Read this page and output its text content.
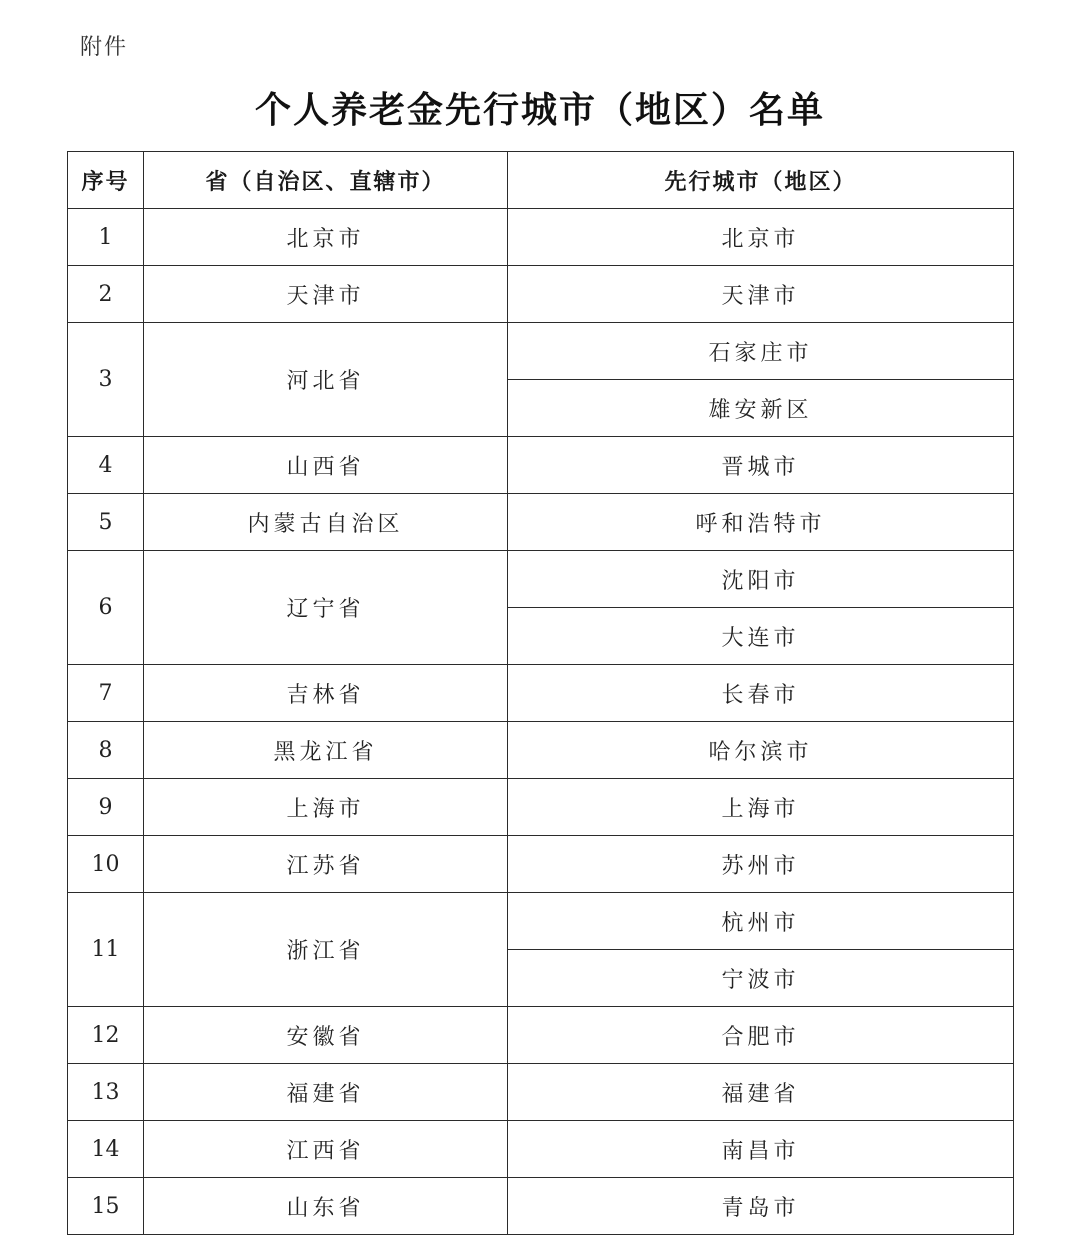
附件
个人养老金先行城市（地区）名单
序号	省（自治区、直辖市）	先行城市（地区）
1	北京市	北京市
2	天津市	天津市
3	河北省	石家庄市
		雄安新区
4	山西省	晋城市
5	内蒙古自治区	呼和浩特市
6	辽宁省	沈阳市
		大连市
7	吉林省	长春市
8	黑龙江省	哈尔滨市
9	上海市	上海市
10	江苏省	苏州市
11	浙江省	杭州市
		宁波市
12	安徽省	合肥市
13	福建省	福建省
14	江西省	南昌市
15	山东省	青岛市
